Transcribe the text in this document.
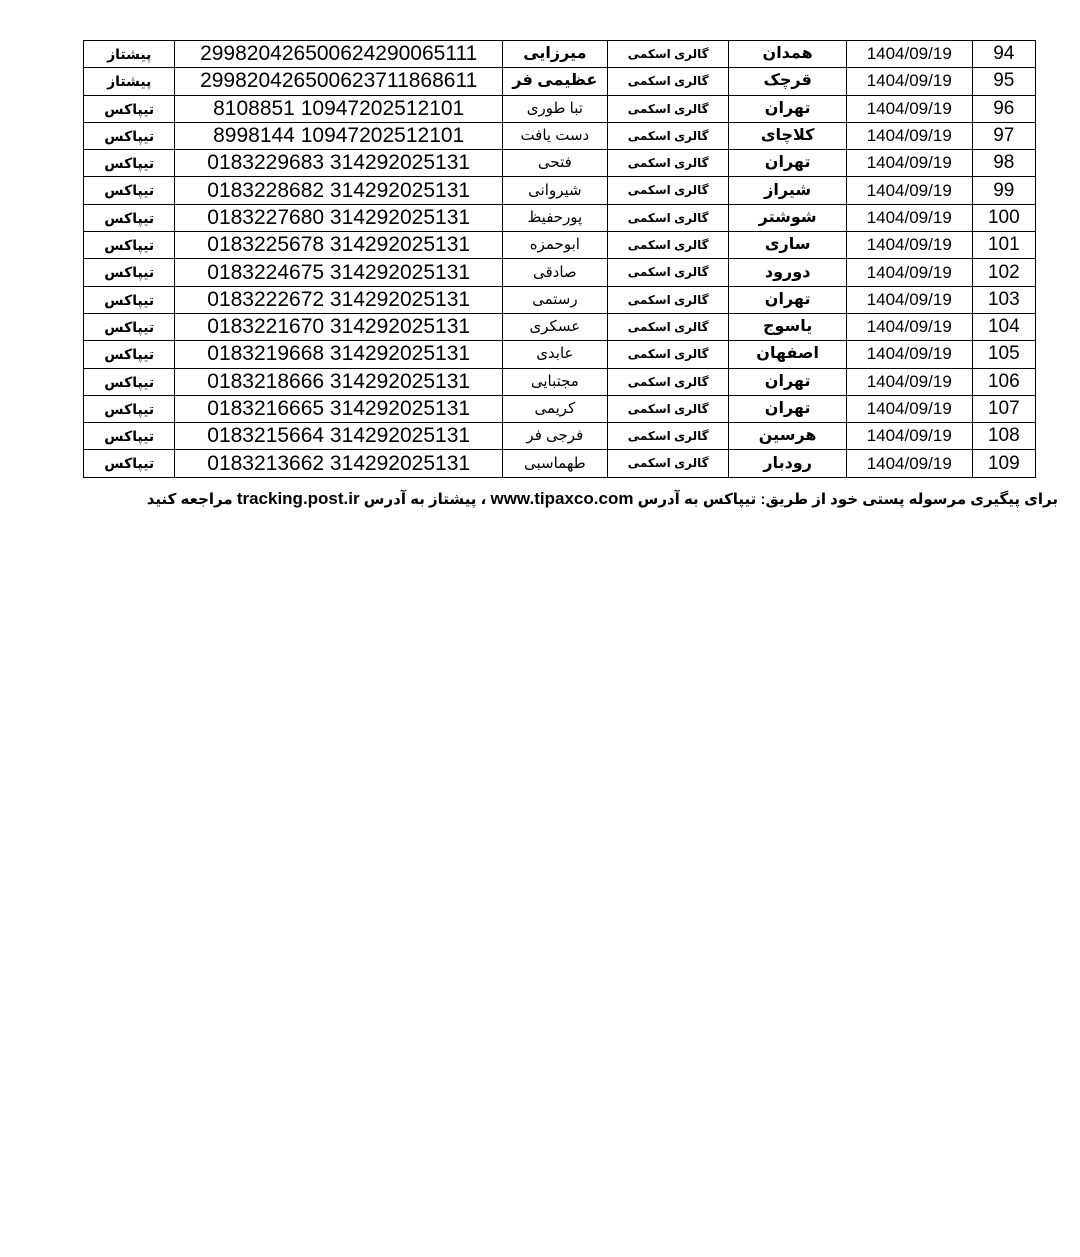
94	1404/09/19	همدان	گالری اسکمی	میرزایی	299820426500624290065111	پیشتاز
95	1404/09/19	قرچک	گالری اسکمی	عظیمی فر	299820426500623711868611	پیشتاز
96	1404/09/19	تهران	گالری اسکمی	تبا طوری	10947202512101 8108851	تیپاکس
97	1404/09/19	کلاچای	گالری اسکمی	دست یافت	10947202512101 8998144	تیپاکس
98	1404/09/19	تهران	گالری اسکمی	فتحی	314292025131 0183229683	تیپاکس
99	1404/09/19	شیراز	گالری اسکمی	شیروانی	314292025131 0183228682	تیپاکس
100	1404/09/19	شوشتر	گالری اسکمی	پورحفیظ	314292025131 0183227680	تیپاکس
101	1404/09/19	ساری	گالری اسکمی	ابوحمزه	314292025131 0183225678	تیپاکس
102	1404/09/19	دورود	گالری اسکمی	صادقی	314292025131 0183224675	تیپاکس
103	1404/09/19	تهران	گالری اسکمی	رستمی	314292025131 0183222672	تیپاکس
104	1404/09/19	یاسوج	گالری اسکمی	عسکری	314292025131 0183221670	تیپاکس
105	1404/09/19	اصفهان	گالری اسکمی	عابدی	314292025131 0183219668	تیپاکس
106	1404/09/19	تهران	گالری اسکمی	مجتبایی	314292025131 0183218666	تیپاکس
107	1404/09/19	تهران	گالری اسکمی	کریمی	314292025131 0183216665	تیپاکس
108	1404/09/19	هرسین	گالری اسکمی	فرجی فر	314292025131 0183215664	تیپاکس
109	1404/09/19	رودبار	گالری اسکمی	طهماسبی	314292025131 0183213662	تیپاکس
برای پیگیری مرسوله پستی خود از طریق: تیپاکس به آدرس www.tipaxco.com ، پیشتاز به آدرس tracking.post.ir مراجعه کنید
